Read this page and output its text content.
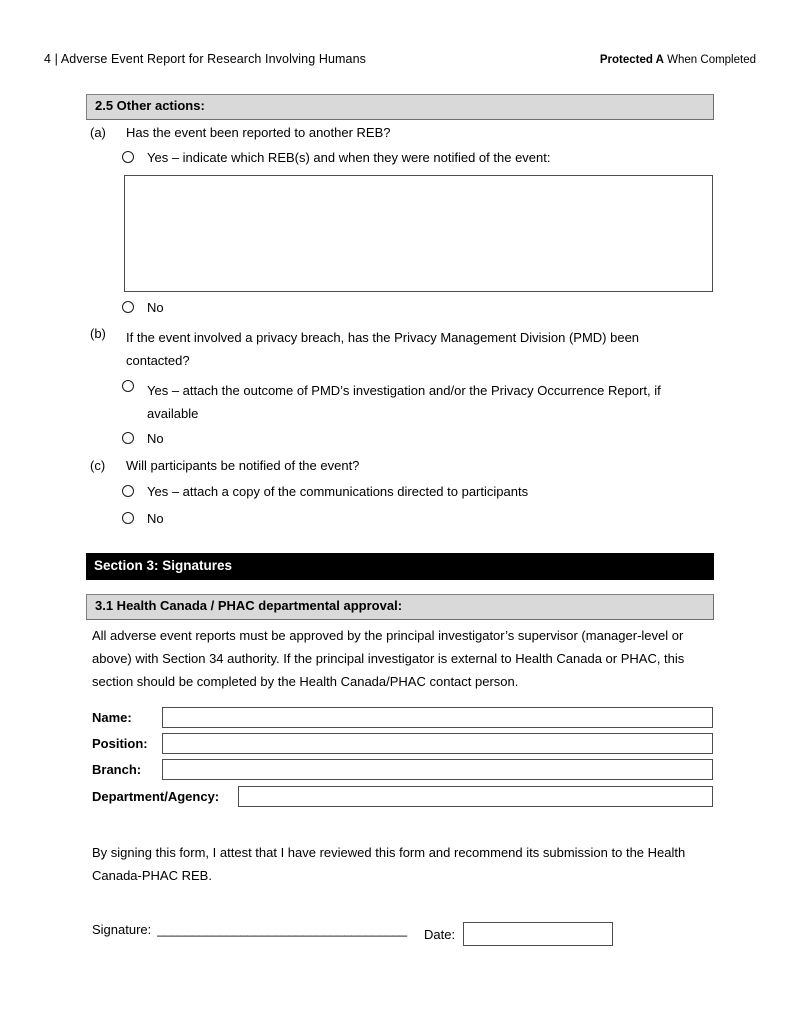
4 | Adverse Event Report for Research Involving Humans	Protected A When Completed
2.5 Other actions:
(a)	Has the event been reported to another REB?
Yes – indicate which REB(s) and when they were notified of the event:
No
(b)	If the event involved a privacy breach, has the Privacy Management Division (PMD) been contacted?
Yes – attach the outcome of PMD’s investigation and/or the Privacy Occurrence Report, if available
No
(c)	Will participants be notified of the event?
Yes – attach a copy of the communications directed to participants
No
Section 3: Signatures
3.1 Health Canada / PHAC departmental approval:
All adverse event reports must be approved by the principal investigator’s supervisor (manager-level or above) with Section 34 authority. If the principal investigator is external to Health Canada or PHAC, this section should be completed by the Health Canada/PHAC contact person.
Name:
Position:
Branch:
Department/Agency:
By signing this form, I attest that I have reviewed this form and recommend its submission to the Health Canada-PHAC REB.
Signature: ____________________________________ Date:
